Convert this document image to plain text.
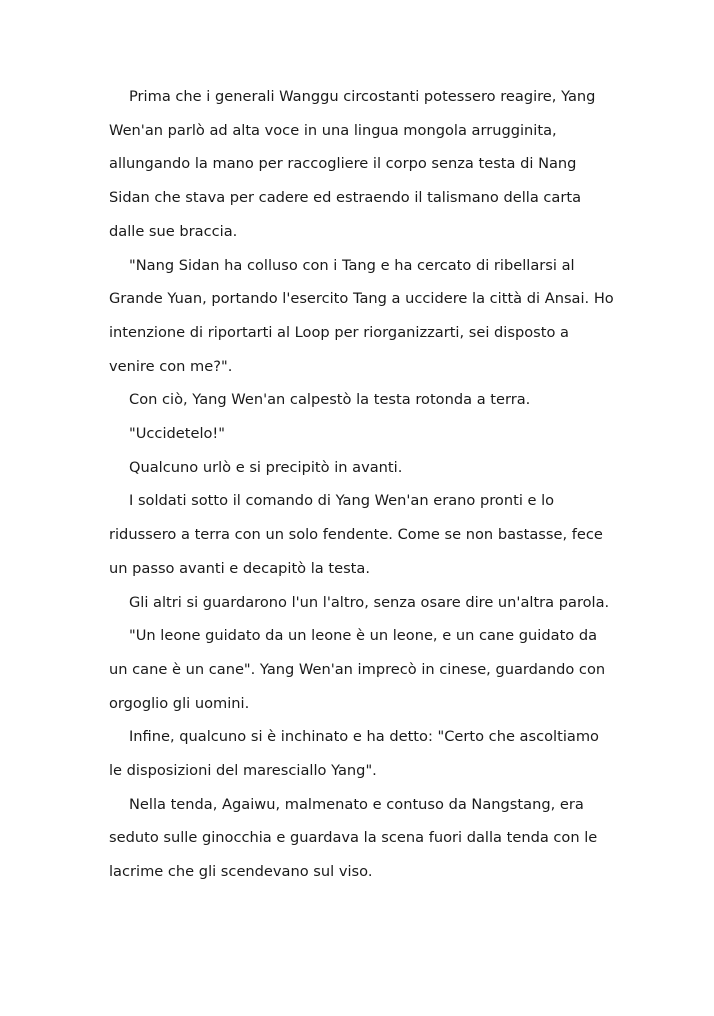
Prima che i generali Wanggu circostanti potessero reagire, Yang
Wen'an parlò ad alta voce in una lingua mongola arrugginita,
allungando la mano per raccogliere il corpo senza testa di Nang
Sidan che stava per cadere ed estraendo il talismano della carta
dalle sue braccia.

"Nang Sidan ha colluso con i Tang e ha cercato di ribellarsi al
Grande Yuan, portando l'esercito Tang a uccidere la città di Ansai. Ho
intenzione di riportarti al Loop per riorganizzarti, sei disposto a
venire con me?".

Con ciò, Yang Wen'an calpestò la testa rotonda a terra.

"Uccidetelo!"

Qualcuno urlò e si precipitò in avanti.

I soldati sotto il comando di Yang Wen'an erano pronti e lo
ridussero a terra con un solo fendente. Come se non bastasse, fece
un passo avanti e decapitò la testa.

Gli altri si guardarono l'un l'altro, senza osare dire un'altra parola.

"Un leone guidato da un leone è un leone, e un cane guidato da
un cane è un cane". Yang Wen'an imprecò in cinese, guardando con
orgoglio gli uomini.

Infine, qualcuno si è inchinato e ha detto: "Certo che ascoltiamo
le disposizioni del maresciallo Yang".

Nella tenda, Agaiwu, malmenato e contuso da Nangstang, era
seduto sulle ginocchia e guardava la scena fuori dalla tenda con le
lacrime che gli scendevano sul viso.
